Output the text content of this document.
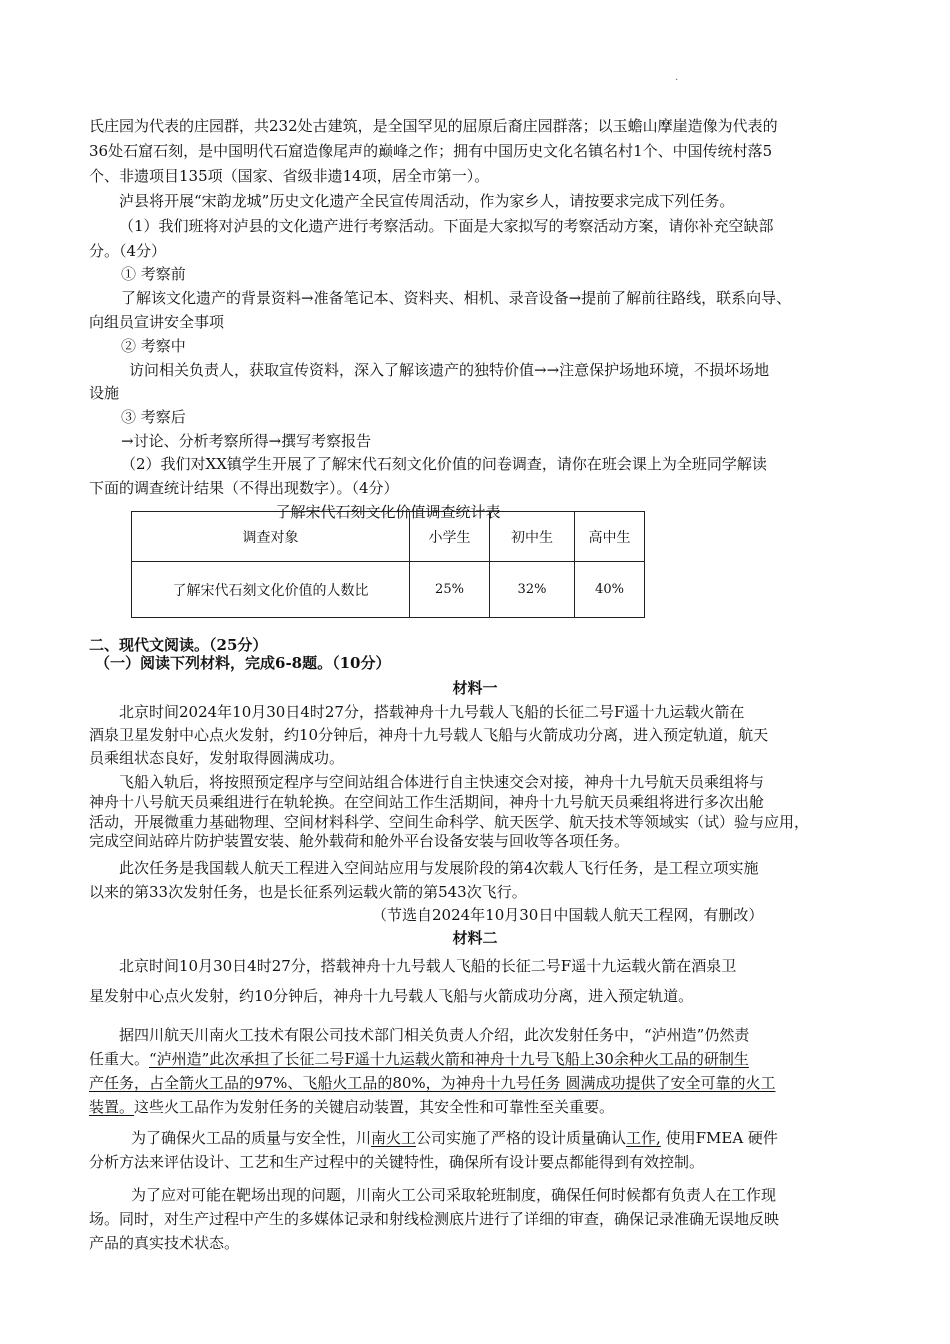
.
氏庄园为代表的庄园群，共232处古建筑，是全国罕见的屈原后裔庄园群落；以玉蟾山摩崖造像为代表的
36处石窟石刻，是中国明代石窟造像尾声的巅峰之作；拥有中国历史文化名镇名村1个、中国传统村落5
个、非遗项目135项（国家、省级非遗14项，居全市第一）。
泸县将开展“宋韵龙城”历史文化遗产全民宣传周活动，作为家乡人，请按要求完成下列任务。
（1）我们班将对泸县的文化遗产进行考察活动。下面是大家拟写的考察活动方案，请你补充空缺部
分。（4分）
① 考察前
了解该文化遗产的背景资料→准备笔记本、资料夹、相机、录音设备→提前了解前往路线，联系向导、
向组员宣讲安全事项
② 考察中
访问相关负责人，获取宣传资料，深入了解该遗产的独特价值→→注意保护场地环境，不损坏场地
设施
③ 考察后
→讨论、分析考察所得→撰写考察报告
（2）我们对XX镇学生开展了了解宋代石刻文化价值的问卷调查，请你在班会课上为全班同学解读
下面的调查统计结果（不得出现数字）。（4分）
了解宋代石刻文化价值调查统计表
调查对象	小学生	初中生	高中生
了解宋代石刻文化价值的人数比	25%	32%	40%
二、现代文阅读。（25分）
（一）阅读下列材料，完成6-8题。（10分）
材料一
北京时间2024年10月30日4时27分，搭载神舟十九号载人飞船的长征二号F遥十九运载火箭在
酒泉卫星发射中心点火发射，约10分钟后，神舟十九号载人飞船与火箭成功分离，进入预定轨道，航天
员乘组状态良好，发射取得圆满成功。
飞船入轨后，将按照预定程序与空间站组合体进行自主快速交会对接，神舟十九号航天员乘组将与
神舟十八号航天员乘组进行在轨轮换。在空间站工作生活期间，神舟十九号航天员乘组将进行多次出舱
活动，开展微重力基础物理、空间材料科学、空间生命科学、航天医学、航天技术等领域实（试）验与应用，
完成空间站碎片防护装置安装、舱外载荷和舱外平台设备安装与回收等各项任务。
此次任务是我国载人航天工程进入空间站应用与发展阶段的第4次载人飞行任务，是工程立项实施
以来的第33次发射任务，也是长征系列运载火箭的第543次飞行。
（节选自2024年10月30日中国载人航天工程网，有删改）
材料二
北京时间10月30日4时27分，搭载神舟十九号载人飞船的长征二号F遥十九运载火箭在酒泉卫
星发射中心点火发射，约10分钟后，神舟十九号载人飞船与火箭成功分离，进入预定轨道。
据四川航天川南火工技术有限公司技术部门相关负责人介绍，此次发射任务中，“泸州造”仍然责
任重大。“泸州造”此次承担了长征二号F遥十九运载火箭和神舟十九号飞船上30余种火工品的研制生
产任务，占全箭火工品的97%、飞船火工品的80%，为神舟十九号任务 圆满成功提供了安全可靠的火工
装置。这些火工品作为发射任务的关键启动装置，其安全性和可靠性至关重要。
为了确保火工品的质量与安全性，川南火工公司实施了严格的设计质量确认工作, 使用FMEA 硬件
分析方法来评估设计、工艺和生产过程中的关键特性，确保所有设计要点都能得到有效控制。
为了应对可能在靶场出现的问题，川南火工公司采取轮班制度，确保任何时候都有负责人在工作现
场。同时，对生产过程中产生的多媒体记录和射线检测底片进行了详细的审查，确保记录准确无误地反映
产品的真实技术状态。
